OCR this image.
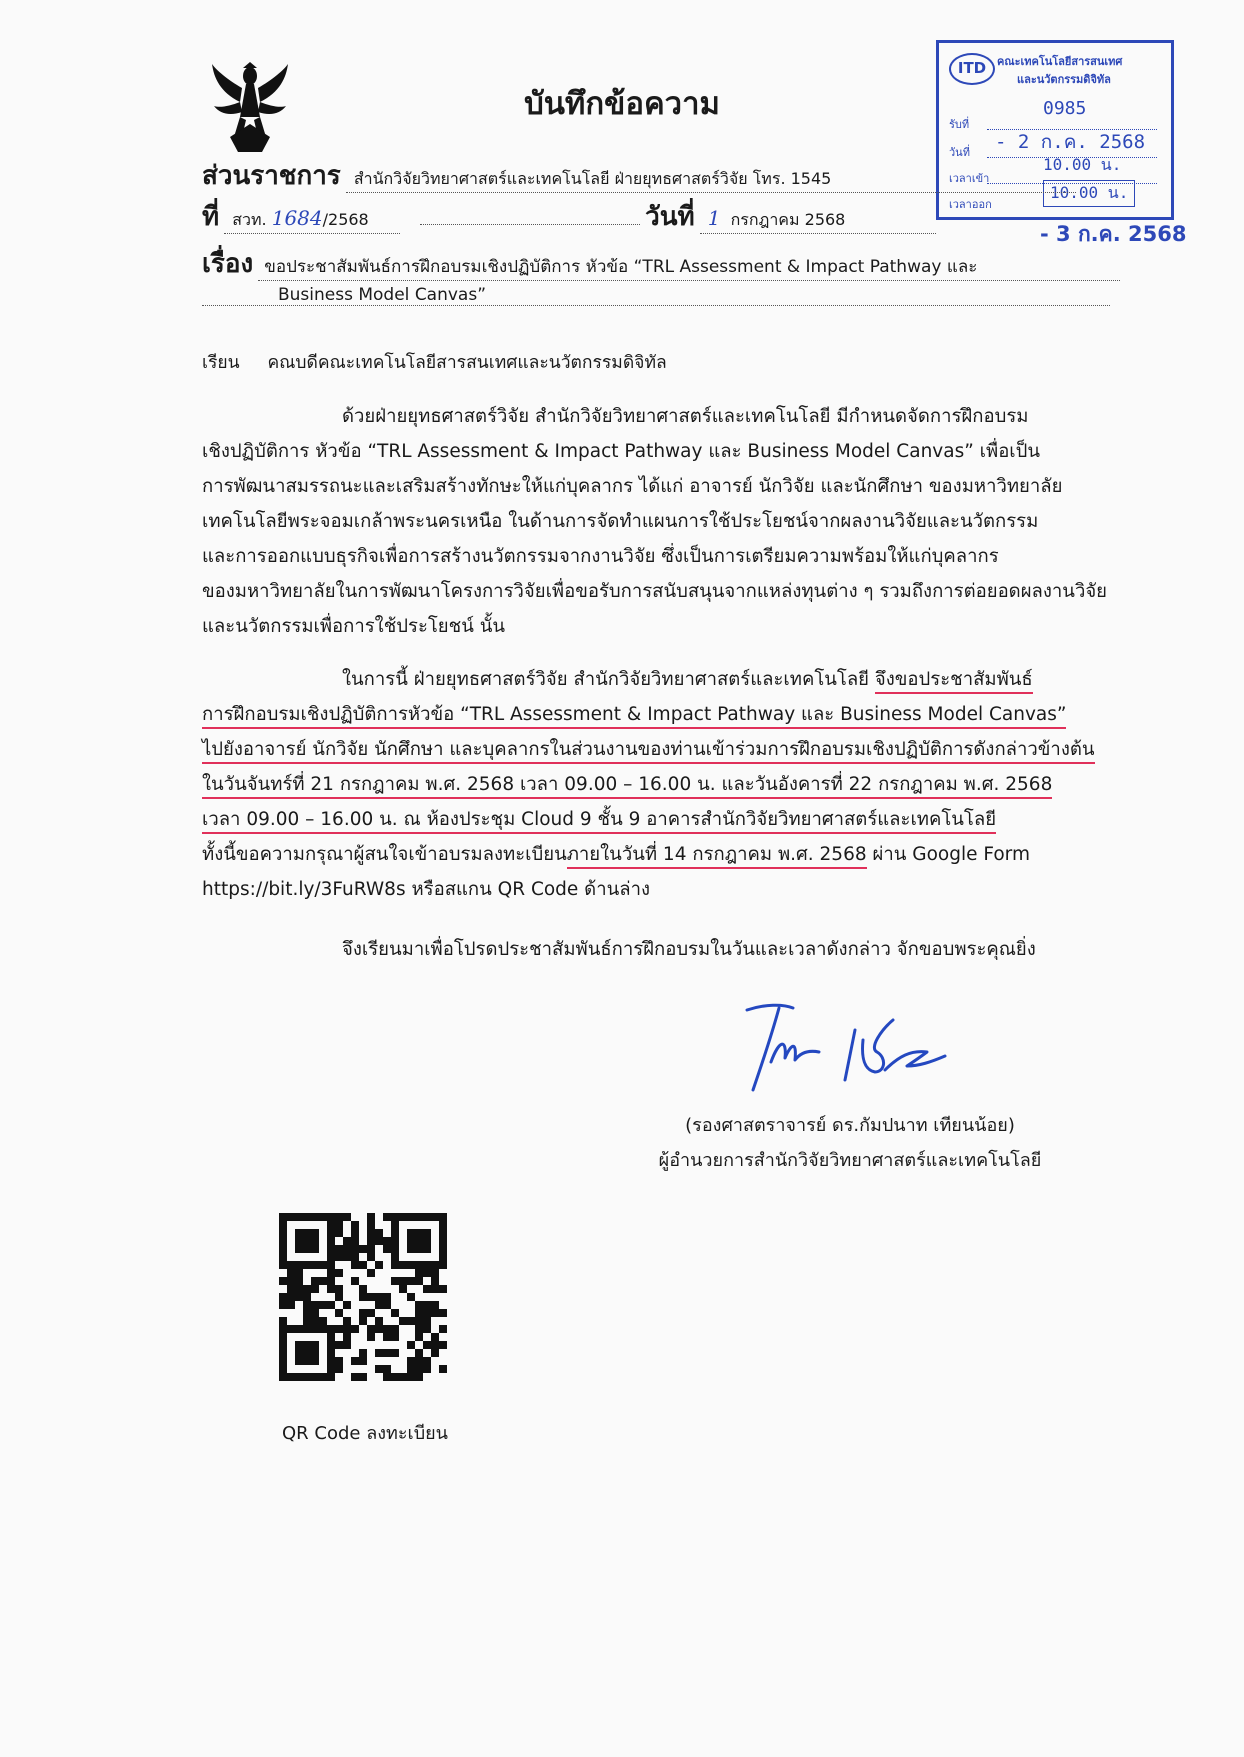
บันทึกข้อความ
ITD คณะเทคโนโลยีสารสนเทศ
และนวัตกรรมดิจิทัล
รับที่
0985
วันที่ - 2 ก.ค. 2568
เวลาเข้า
10.00 น.
เวลาออก
10.00 น.
- 3 ก.ค. 2568
ส่วนราชการ สำนักวิจัยวิทยาศาสตร์และเทคโนโลยี ฝ่ายยุทธศาสตร์วิจัย โทร. 1545
ที่ สวท. 1684/2568	วันที่ 1 กรกฎาคม 2568
เรื่อง ขอประชาสัมพันธ์การฝึกอบรมเชิงปฏิบัติการ หัวข้อ “TRL Assessment & Impact Pathway และ
Business Model Canvas”
เรียน คณบดีคณะเทคโนโลยีสารสนเทศและนวัตกรรมดิจิทัล
ด้วยฝ่ายยุทธศาสตร์วิจัย สำนักวิจัยวิทยาศาสตร์และเทคโนโลยี มีกำหนดจัดการฝึกอบรม
เชิงปฏิบัติการ หัวข้อ “TRL Assessment & Impact Pathway และ Business Model Canvas” เพื่อเป็น
การพัฒนาสมรรถนะและเสริมสร้างทักษะให้แก่บุคลากร ได้แก่ อาจารย์ นักวิจัย และนักศึกษา ของมหาวิทยาลัย
เทคโนโลยีพระจอมเกล้าพระนครเหนือ ในด้านการจัดทำแผนการใช้ประโยชน์จากผลงานวิจัยและนวัตกรรม
และการออกแบบธุรกิจเพื่อการสร้างนวัตกรรมจากงานวิจัย ซึ่งเป็นการเตรียมความพร้อมให้แก่บุคลากร
ของมหาวิทยาลัยในการพัฒนาโครงการวิจัยเพื่อขอรับการสนับสนุนจากแหล่งทุนต่าง ๆ รวมถึงการต่อยอดผลงานวิจัย
และนวัตกรรมเพื่อการใช้ประโยชน์ นั้น
ในการนี้ ฝ่ายยุทธศาสตร์วิจัย สำนักวิจัยวิทยาศาสตร์และเทคโนโลยี จึงขอประชาสัมพันธ์
การฝึกอบรมเชิงปฏิบัติการหัวข้อ “TRL Assessment & Impact Pathway และ Business Model Canvas”
ไปยังอาจารย์ นักวิจัย นักศึกษา และบุคลากรในส่วนงานของท่านเข้าร่วมการฝึกอบรมเชิงปฏิบัติการดังกล่าวข้างต้น
ในวันจันทร์ที่ 21 กรกฎาคม พ.ศ. 2568 เวลา 09.00 – 16.00 น. และวันอังคารที่ 22 กรกฎาคม พ.ศ. 2568
เวลา 09.00 – 16.00 น. ณ ห้องประชุม Cloud 9 ชั้น 9 อาคารสำนักวิจัยวิทยาศาสตร์และเทคโนโลยี
ทั้งนี้ขอความกรุณาผู้สนใจเข้าอบรมลงทะเบียนภายในวันที่ 14 กรกฎาคม พ.ศ. 2568 ผ่าน Google Form
https://bit.ly/3FuRW8s หรือสแกน QR Code ด้านล่าง
จึงเรียนมาเพื่อโปรดประชาสัมพันธ์การฝึกอบรมในวันและเวลาดังกล่าว จักขอบพระคุณยิ่ง
(รองศาสตราจารย์ ดร.กัมปนาท เทียนน้อย)
ผู้อำนวยการสำนักวิจัยวิทยาศาสตร์และเทคโนโลยี
QR Code ลงทะเบียน
